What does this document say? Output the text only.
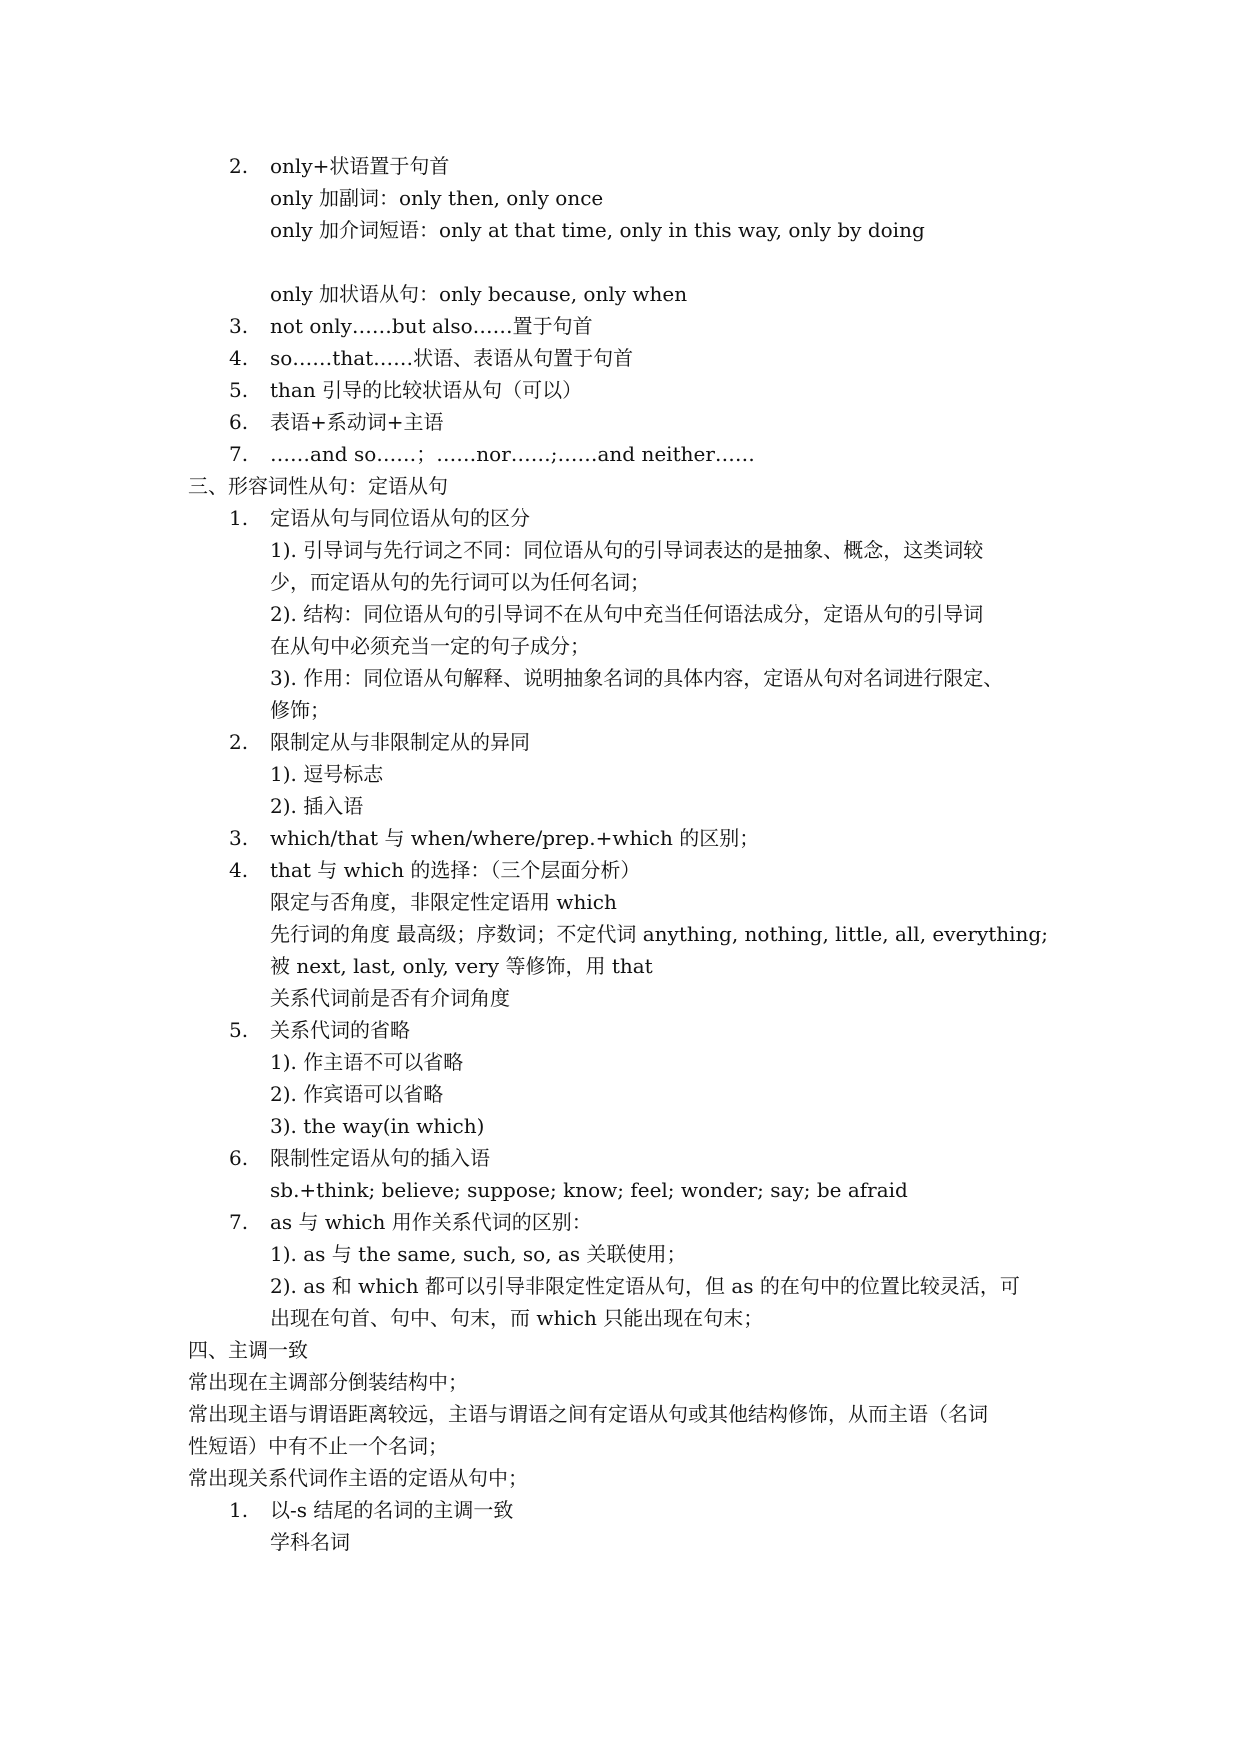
2. only+状语置于句首
only 加副词：only then, only once
only 加介词短语：only at that time, only in this way, only by doing
only 加状语从句：only because, only when
3. not only……but also……置于句首
4. so……that……状语、表语从句置于句首
5. than 引导的比较状语从句（可以）
6. 表语+系动词+主语
7. ……and so……；……nor……;……and neither……
三、形容词性从句：定语从句
1. 定语从句与同位语从句的区分
1). 引导词与先行词之不同：同位语从句的引导词表达的是抽象、概念，这类词较
少，而定语从句的先行词可以为任何名词；
2). 结构：同位语从句的引导词不在从句中充当任何语法成分，定语从句的引导词
在从句中必须充当一定的句子成分；
3). 作用：同位语从句解释、说明抽象名词的具体内容，定语从句对名词进行限定、
修饰；
2. 限制定从与非限制定从的异同
1). 逗号标志
2). 插入语
3. which/that 与 when/where/prep.+which 的区别；
4. that 与 which 的选择：（三个层面分析）
限定与否角度，非限定性定语用 which
先行词的角度 最高级；序数词；不定代词 anything, nothing, little, all, everything;
被 next, last, only, very 等修饰，用 that
关系代词前是否有介词角度
5. 关系代词的省略
1). 作主语不可以省略
2). 作宾语可以省略
3). the way(in which)
6. 限制性定语从句的插入语
sb.+think; believe; suppose; know; feel; wonder; say; be afraid
7. as 与 which 用作关系代词的区别：
1). as 与 the same, such, so, as 关联使用；
2). as 和 which 都可以引导非限定性定语从句，但 as 的在句中的位置比较灵活，可
出现在句首、句中、句末，而 which 只能出现在句末；
四、主调一致
常出现在主调部分倒装结构中；
常出现主语与谓语距离较远，主语与谓语之间有定语从句或其他结构修饰，从而主语（名词
性短语）中有不止一个名词；
常出现关系代词作主语的定语从句中；
1. 以-s 结尾的名词的主调一致
学科名词
